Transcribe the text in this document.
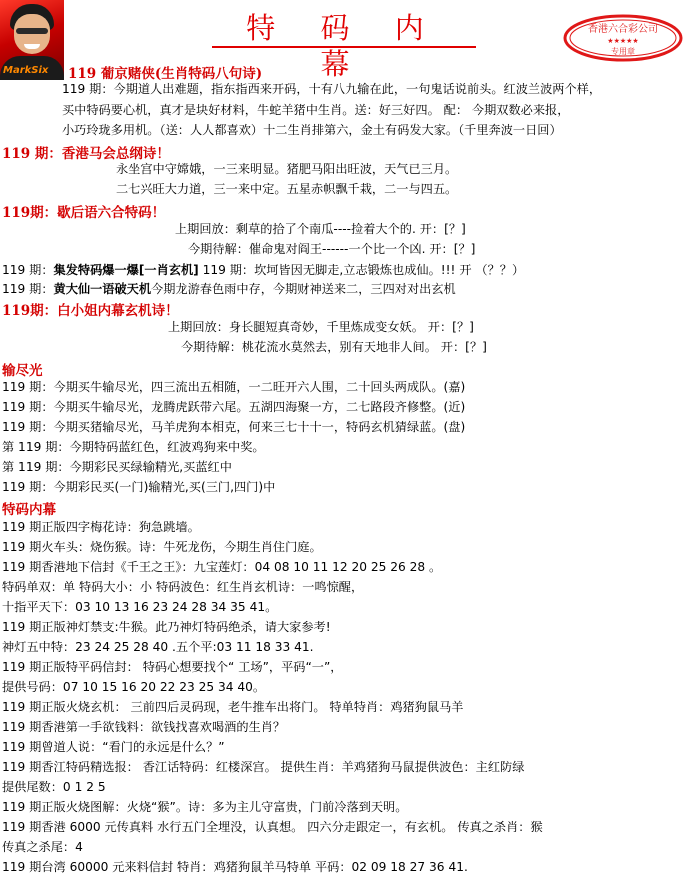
MarkSix
特 码 内 幕
香港六合彩公司
★★★★★
专用章
119 葡京赌侠(生肖特码八句诗)
119 期：今期道人出难题，指东指西来开码，十有八九输在此，一句鬼话说前头。红波兰波两个样，
买中特码要心机，真才是块好材料，牛蛇羊猪中生肖。送：好三好四。 配： 今期双数必来报，
小巧玲珑多用机。（送：人人都喜欢）十二生肖排第六，金土有码发大家。（千里奔波一日回）
119 期：香港马会总纲诗！
永坐宫中守嫦娥，一三来明显。猪肥马阳出旺波，天气已三月。
二七兴旺大力道，三一来中定。五星赤帜飘千栽，二一与四五。
119期：歇后语六合特码！
上期回放：剩草的拾了个南瓜----捡着大个的. 开：[？]
今期待解：催命鬼对阎王------一个比一个凶. 开：[？]
119 期：集发特码爆一爆[一肖玄机] 119 期：坎坷皆因无脚走,立志锻炼也成仙。!!! 开 （？？）
119 期：黄大仙一语破天机今期龙游春色雨中存，今期财神送来二，三四对对出玄机
119期：白小姐内幕玄机诗！
上期回放：身长腿短真奇妙，千里炼成变女妖。 开：[？]
今期待解：桃花流水莫然去，别有天地非人间。 开：[？]
输尽光
119 期：今期买牛输尽光，四三流出五相随，一二旺开六人围，二十回头两成队。(嘉)
119 期：今期买牛输尽光，龙腾虎跃带六尾。五湖四海聚一方，二七路段齐修整。(近)
119 期：今期买猪输尽光，马羊虎狗本相克，何来三七十十一，特码玄机猜绿蓝。(盘)
第 119 期：今期特码蓝红色，红波鸡狗来中奖。
第 119 期：今期彩民买绿输精光,买蓝红中
119 期：今期彩民买(一门)输精光,买(三门,四门)中
特码内幕
119 期正版四字梅花诗：狗急跳墙。
119 期火车头：烧伤猴。诗：牛死龙伤，今期生肖住门庭。
119 期香港地下信封《千王之王》：九宝莲灯：04 08 10 11 12 20 25 26 28 。
特码单双：单 特码大小：小 特码波色：红生肖玄机诗：一鸣惊醒，
十指平天下：03 10 13 16 23 24 28 34 35 41。
119 期正版神灯禁支:牛猴。此乃神灯特码绝杀，请大家参考!
神灯五中特：23 24 25 28 40 .五个平:03 11 18 33 41.
119 期正版特平码信封： 特码心想要找个“ 工场”，平码“一”，
提供号码：07 10 15 16 20 22 23 25 34 40。
119 期正版火烧玄机： 三前四后灵码现，老牛推车出将门。 特单特肖：鸡猪狗鼠马羊
119 期香港第一手欲钱料：欲钱找喜欢喝酒的生肖？
119 期曾道人说：“看门的永远是什么？”
119 期香江特码精选报： 香江话特码：红楼深宫。 提供生肖：羊鸡猪狗马鼠提供波色：主红防绿
提供尾数：0 1 2 5
119 期正版火烧图解：火烧“猴”。诗：多为主儿守富贵，门前冷落到天明。
119 期香港 6000 元传真料 水行五门全埋没，认真想。 四六分走跟定一，有玄机。 传真之杀肖：猴
传真之杀尾：4
119 期台湾 60000 元来料信封 特肖：鸡猪狗鼠羊马特单 平码：02 09 18 27 36 41.
